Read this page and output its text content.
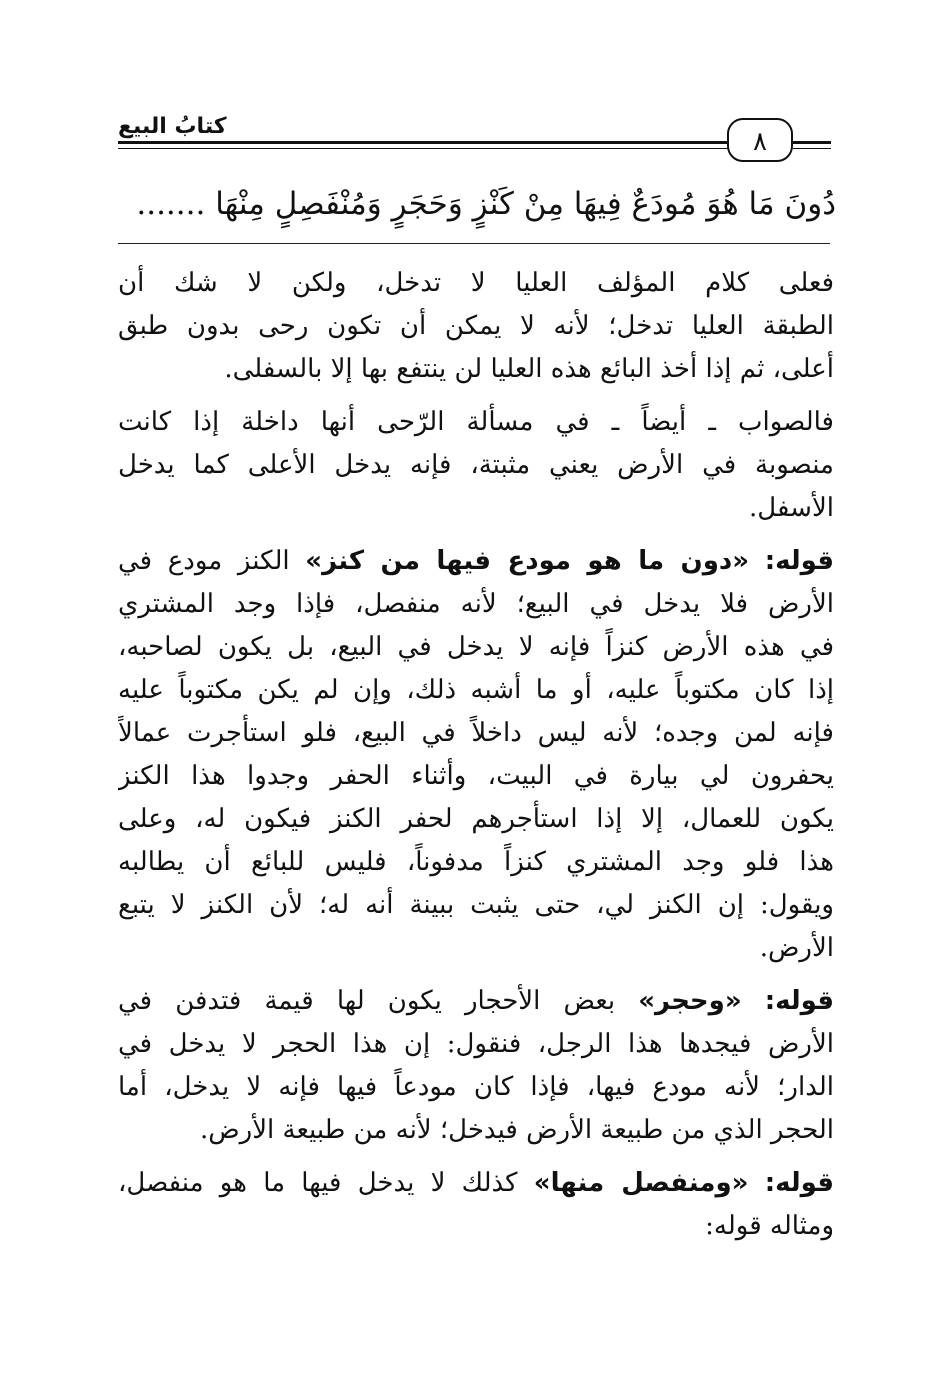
كتابُ البيع
٨
دُونَ مَا هُوَ مُودَعٌ فِيهَا مِنْ كَنْزٍ وَحَجَرٍ وَمُنْفَصِلٍ مِنْهَا .......
فعلى كلام المؤلف العليا لا تدخل، ولكن لا شك أن
الطبقة العليا تدخل؛ لأنه لا يمكن أن تكون رحى بدون طبق
أعلى، ثم إذا أخذ البائع هذه العليا لن ينتفع بها إلا بالسفلى.
فالصواب ـ أيضاً ـ في مسألة الرّحى أنها داخلة إذا كانت
منصوبة في الأرض يعني مثبتة، فإنه يدخل الأعلى كما يدخل
الأسفل.
قوله: «دون ما هو مودع فيها من كنز» الكنز مودع في
الأرض فلا يدخل في البيع؛ لأنه منفصل، فإذا وجد المشتري
في هذه الأرض كنزاً فإنه لا يدخل في البيع، بل يكون لصاحبه،
إذا كان مكتوباً عليه، أو ما أشبه ذلك، وإن لم يكن مكتوباً عليه
فإنه لمن وجده؛ لأنه ليس داخلاً في البيع، فلو استأجرت عمالاً
يحفرون لي بيارة في البيت، وأثناء الحفر وجدوا هذا الكنز
يكون للعمال، إلا إذا استأجرهم لحفر الكنز فيكون له، وعلى
هذا فلو وجد المشتري كنزاً مدفوناً، فليس للبائع أن يطالبه
ويقول: إن الكنز لي، حتى يثبت ببينة أنه له؛ لأن الكنز لا يتبع
الأرض.
قوله: «وحجر» بعض الأحجار يكون لها قيمة فتدفن في
الأرض فيجدها هذا الرجل، فنقول: إن هذا الحجر لا يدخل في
الدار؛ لأنه مودع فيها، فإذا كان مودعاً فيها فإنه لا يدخل، أما
الحجر الذي من طبيعة الأرض فيدخل؛ لأنه من طبيعة الأرض.
قوله: «ومنفصل منها» كذلك لا يدخل فيها ما هو منفصل،
ومثاله قوله:
